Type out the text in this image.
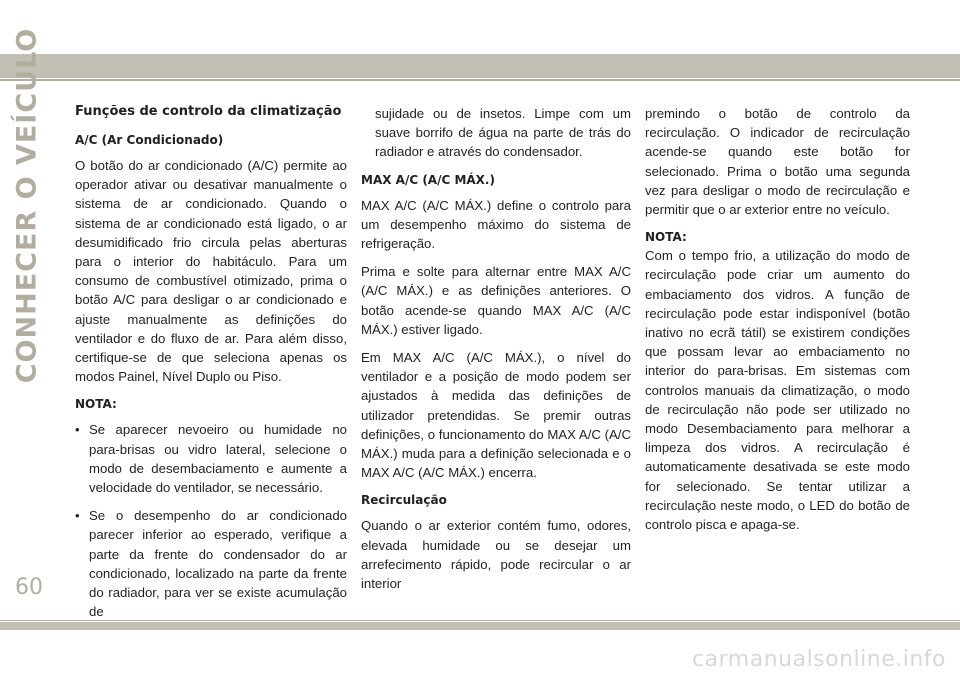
CONHECER O VEÍCULO	Funções de controlo da climatização
A/C (Ar Condicionado)

O botão do ar condicionado (A/C) permite ao operador ativar ou desativar manualmente o sistema de ar condicionado. Quando o sistema de ar condicionado está ligado, o ar desumidificado frio circula pelas aberturas para o interior do habitáculo. Para um consumo de combustível otimizado, prima o botão A/C para desligar o ar condicionado e ajuste manualmente as definições do ventilador e do fluxo de ar. Para além disso, certifique-se de que seleciona apenas os modos Painel, Nível Duplo ou Piso.

NOTA:
• Se aparecer nevoeiro ou humidade no para-brisas ou vidro lateral, selecione o modo de desembaciamento e aumente a velocidade do ventilador, se necessário.
• Se o desempenho do ar condicionado parecer inferior ao esperado, verifique a parte da frente do condensador do ar condicionado, localizado na parte da frente do radiador, para ver se existe acumulação de

sujidade ou de insetos. Limpe com um suave borrifo de água na parte de trás do radiador e através do condensador.

MAX A/C (A/C MÁX.)

MAX A/C (A/C MÁX.) define o controlo para um desempenho máximo do sistema de refrigeração.

Prima e solte para alternar entre MAX A/C (A/C MÁX.) e as definições anteriores. O botão acende-se quando MAX A/C (A/C MÁX.) estiver ligado.

Em MAX A/C (A/C MÁX.), o nível do ventilador e a posição de modo podem ser ajustados à medida das definições de utilizador pretendidas. Se premir outras definições, o funcionamento do MAX A/C (A/C MÁX.) muda para a definição selecionada e o MAX A/C (A/C MÁX.) encerra.

Recirculação

Quando o ar exterior contém fumo, odores, elevada humidade ou se desejar um arrefecimento rápido, pode recircular o ar interior

premindo o botão de controlo da recirculação. O indicador de recirculação acende-se quando este botão for selecionado. Prima o botão uma segunda vez para desligar o modo de recirculação e permitir que o ar exterior entre no veículo.

NOTA:

Com o tempo frio, a utilização do modo de recirculação pode criar um aumento do embaciamento dos vidros. A função de recirculação pode estar indisponível (botão inativo no ecrã tátil) se existirem condições que possam levar ao embaciamento no interior do para-brisas. Em sistemas com controlos manuais da climatização, o modo de recirculação não pode ser utilizado no modo Desembaciamento para melhorar a limpeza dos vidros. A recirculação é automaticamente desativada se este modo for selecionado. Se tentar utilizar a recirculação neste modo, o LED do botão de controlo pisca e apaga-se.

60
carmanualsonline.info
